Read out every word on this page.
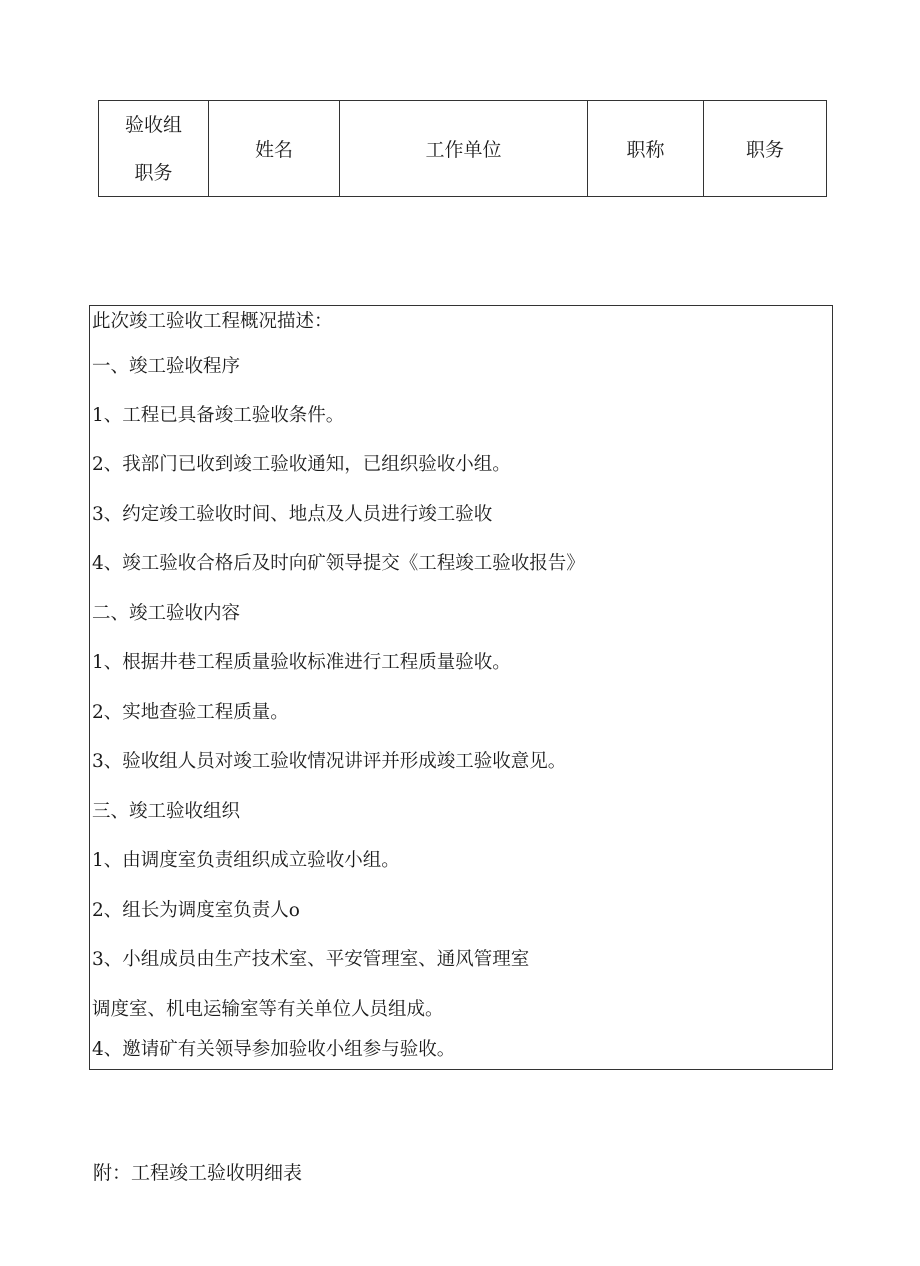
验收组
职务
	姓名	工作单位	职称	职务
此次竣工验收工程概况描述：
一、竣工验收程序
1、工程已具备竣工验收条件。
2、我部门已收到竣工验收通知，已组织验收小组。
3、约定竣工验收时间、地点及人员进行竣工验收
4、竣工验收合格后及时向矿领导提交《工程竣工验收报告》
二、竣工验收内容
1、根据井巷工程质量验收标准进行工程质量验收。
2、实地查验工程质量。
3、验收组人员对竣工验收情况讲评并形成竣工验收意见。
三、竣工验收组织
1、由调度室负责组织成立验收小组。
2、组长为调度室负责人o
3、小组成员由生产技术室、平安管理室、通风管理室
调度室、机电运输室等有关单位人员组成。
4、邀请矿有关领导参加验收小组参与验收。
附：工程竣工验收明细表
